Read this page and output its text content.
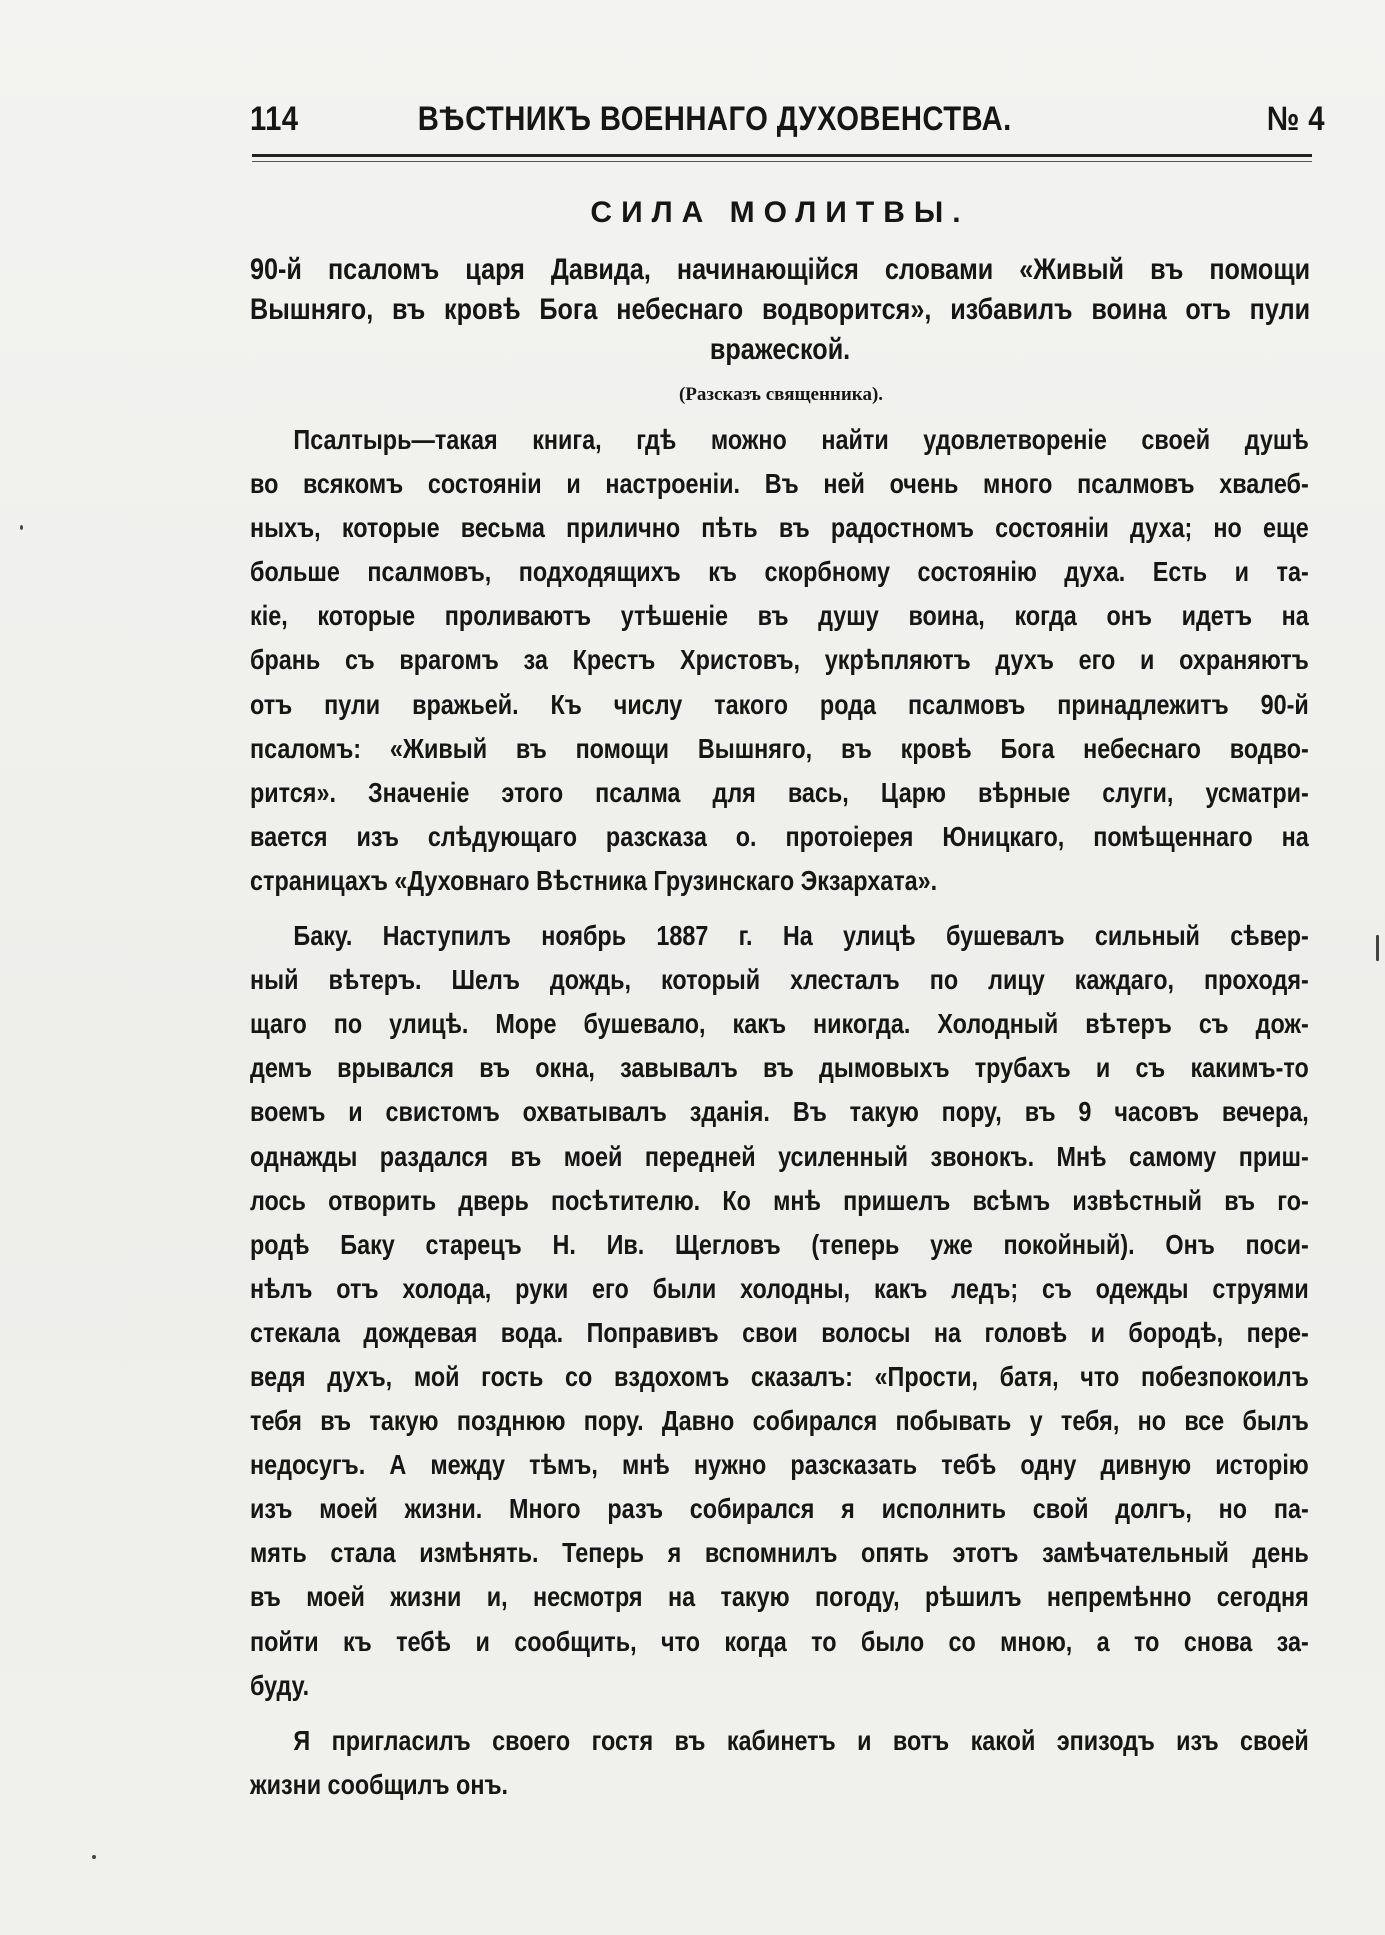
114	ВѢСТНИКЪ ВОЕННАГО ДУХОВЕНСТВА.	№ 4
СИЛА МОЛИТВЫ.
90-й псаломъ царя Давида, начинающійся словами «Живый въ помощи
Вышняго, въ кровѣ Бога небеснаго водворится», избавилъ воина отъ пули
вражеской.
(Разсказъ священника).
Псалтырь—такая книга, гдѣ можно найти удовлетвореніе своей душѣ
во всякомъ состояніи и настроеніи. Въ ней очень много псалмовъ хвалеб-
ныхъ, которые весьма прилично пѣть въ радостномъ состояніи духа; но еще
больше псалмовъ, подходящихъ къ скорбному состоянію духа. Есть и та-
кіе, которые проливаютъ утѣшеніе въ душу воина, когда онъ идетъ на
брань съ врагомъ за Крестъ Христовъ, укрѣпляютъ духъ его и охраняютъ
отъ пули вражьей. Къ числу такого рода псалмовъ принадлежитъ 90-й
псаломъ: «Живый въ помощи Вышняго, въ кровѣ Бога небеснаго водво-
рится». Значеніе этого псалма для вась, Царю вѣрные слуги, усматри-
вается изъ слѣдующаго разсказа о. протоіерея Юницкаго, помѣщеннаго на
страницахъ «Духовнаго Вѣстника Грузинскаго Экзархата».
Баку. Наступилъ ноябрь 1887 г. На улицѣ бушевалъ сильный сѣвер-
ный вѣтеръ. Шелъ дождь, который хлесталъ по лицу каждаго, проходя-
щаго по улицѣ. Море бушевало, какъ никогда. Холодный вѣтеръ съ дож-
демъ врывался въ окна, завывалъ въ дымовыхъ трубахъ и съ какимъ-то
воемъ и свистомъ охватывалъ зданія. Въ такую пору, въ 9 часовъ вечера,
однажды раздался въ моей передней усиленный звонокъ. Мнѣ самому приш-
лось отворить дверь посѣтителю. Ко мнѣ пришелъ всѣмъ извѣстный въ го-
родѣ Баку старецъ Н. Ив. Щегловъ (теперь уже покойный). Онъ поси-
нѣлъ отъ холода, руки его были холодны, какъ ледъ; съ одежды струями
стекала дождевая вода. Поправивъ свои волосы на головѣ и бородѣ, пере-
ведя духъ, мой гость со вздохомъ сказалъ: «Прости, батя, что побезпокоилъ
тебя въ такую позднюю пору. Давно собирался побывать у тебя, но все былъ
недосугъ. А между тѣмъ, мнѣ нужно разсказать тебѣ одну дивную исторію
изъ моей жизни. Много разъ собирался я исполнить свой долгъ, но па-
мять стала измѣнять. Теперь я вспомнилъ опять этотъ замѣчательный день
въ моей жизни и, несмотря на такую погоду, рѣшилъ непремѣнно сегодня
пойти къ тебѣ и сообщить, что когда то было со мною, а то снова за-
буду.
Я пригласилъ своего гостя въ кабинетъ и вотъ какой эпизодъ изъ своей
жизни сообщилъ онъ.
